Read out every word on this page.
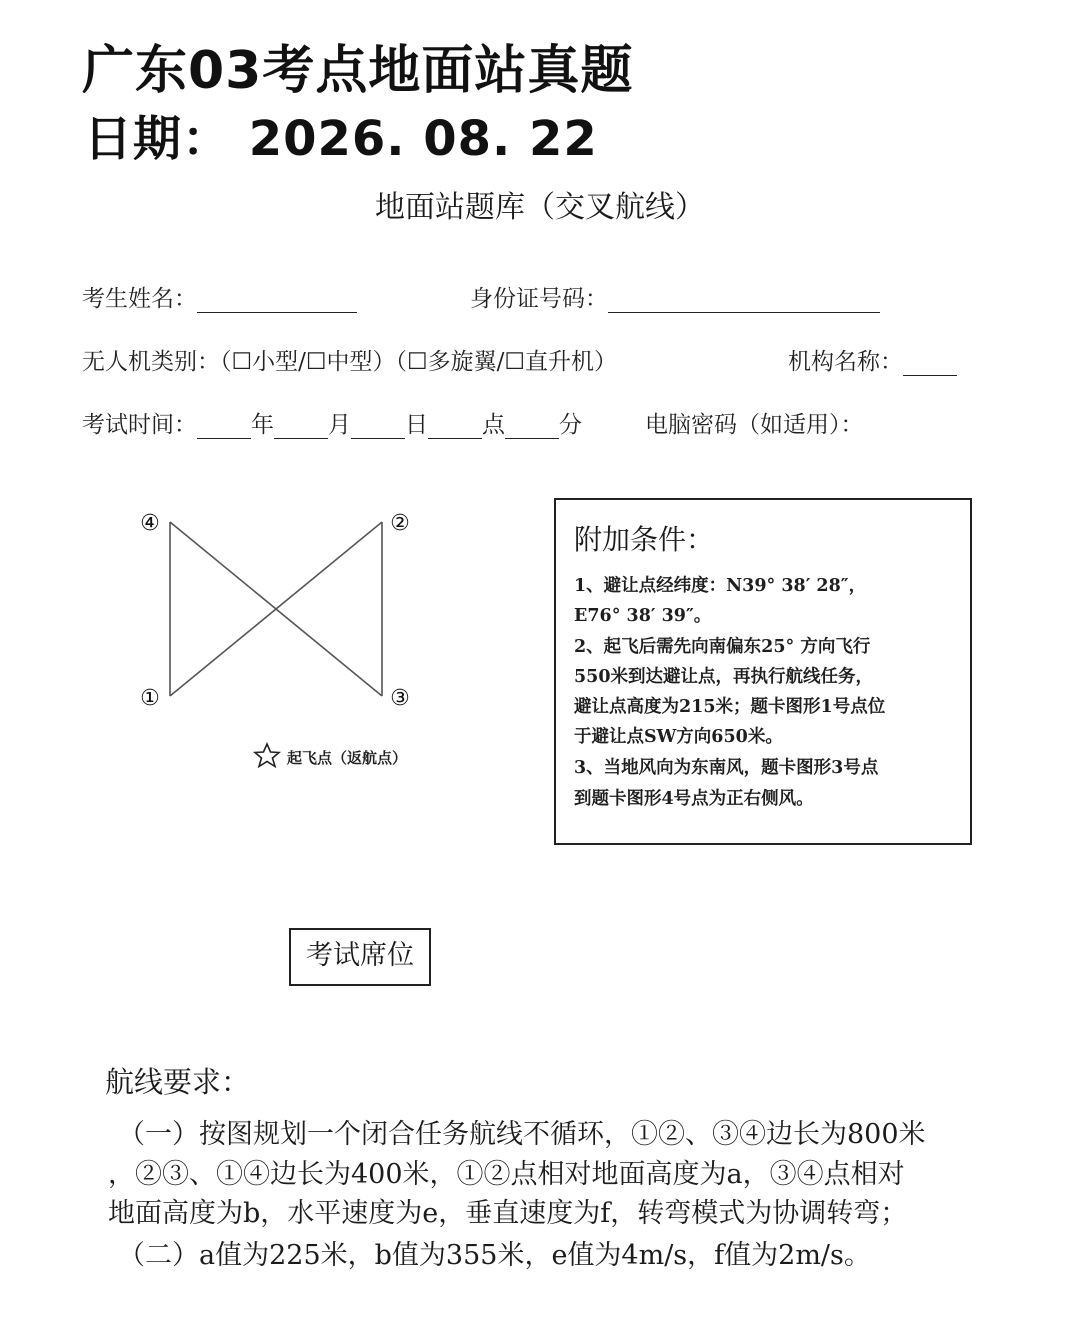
广东03考点地面站真题
日期： 2026. 08. 22
地面站题库（交叉航线）
考生姓名：	身份证号码：
无人机类别：（☐小型/☐中型）（☐多旋翼/☐直升机）	机构名称：
考试时间： 年 月 日 点 分	电脑密码（如适用）：
④	②
①	③
起飞点（返航点）
附加条件：
1、避让点经纬度：N39° 38′ 28″，
E76° 38′ 39″。
2、起飞后需先向南偏东25° 方向飞行
550米到达避让点，再执行航线任务，
避让点高度为215米；题卡图形1号点位
于避让点SW方向650米。
3、当地风向为东南风，题卡图形3号点
到题卡图形4号点为正右侧风。
考试席位
航线要求：
（一）按图规划一个闭合任务航线不循环，①②、③④边长为800米
，②③、①④边长为400米，①②点相对地面高度为a，③④点相对
地面高度为b，水平速度为e，垂直速度为f，转弯模式为协调转弯；
（二）a值为225米，b值为355米，e值为4m/s，f值为2m/s。
